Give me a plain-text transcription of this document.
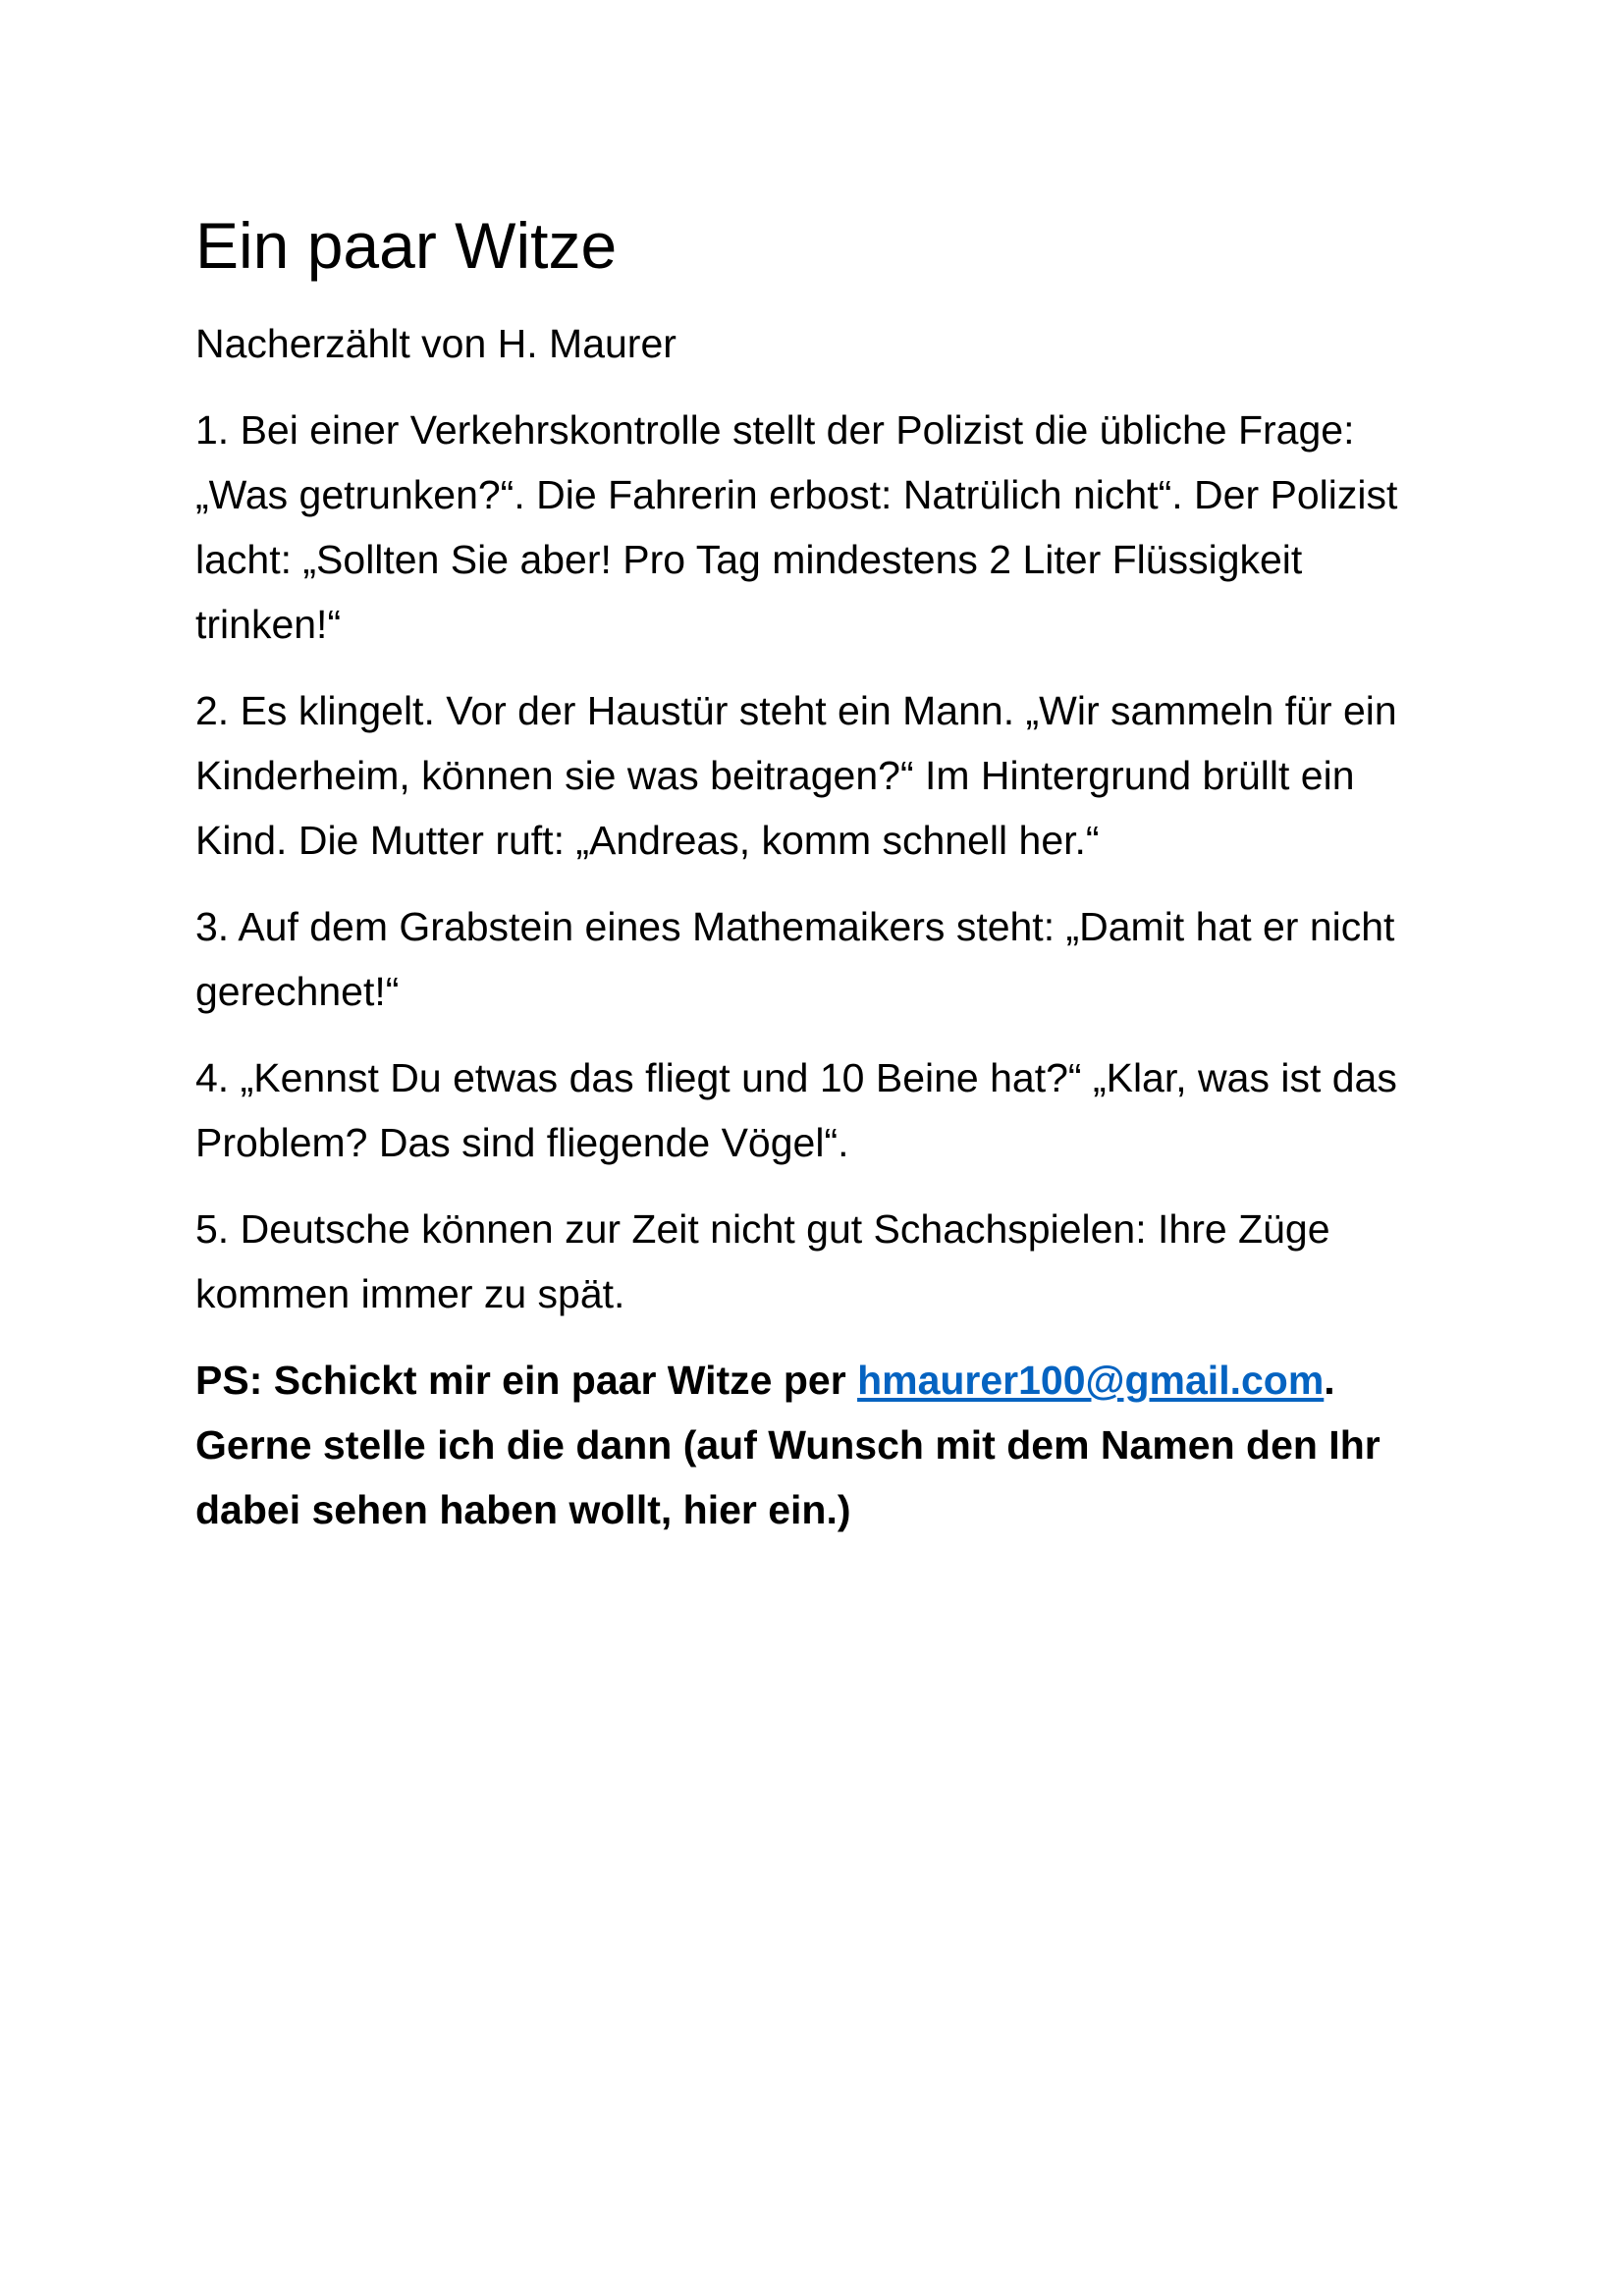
Ein paar Witze

Nacherzählt von H. Maurer

1. Bei einer Verkehrskontrolle stellt der Polizist die übliche Frage: „Was getrunken?“. Die Fahrerin erbost: Natrülich nicht“. Der Polizist lacht: „Sollten Sie aber! Pro Tag mindestens 2 Liter Flüssigkeit trinken!“

2. Es klingelt. Vor der Haustür steht ein Mann. „Wir sammeln für ein Kinderheim, können sie was beitragen?“ Im Hintergrund brüllt ein Kind. Die Mutter ruft: „Andreas, komm schnell her.“

3. Auf dem Grabstein eines Mathemaikers steht: „Damit hat er nicht gerechnet!“

4. „Kennst Du etwas das fliegt und 10 Beine hat?“ „Klar, was ist das Problem? Das sind fliegende Vögel“.

5. Deutsche können zur Zeit nicht gut Schachspielen: Ihre Züge kommen immer zu spät.

PS: Schickt mir ein paar Witze per hmaurer100@gmail.com. Gerne stelle ich die dann (auf Wunsch mit dem Namen den Ihr dabei sehen haben wollt, hier ein.)
